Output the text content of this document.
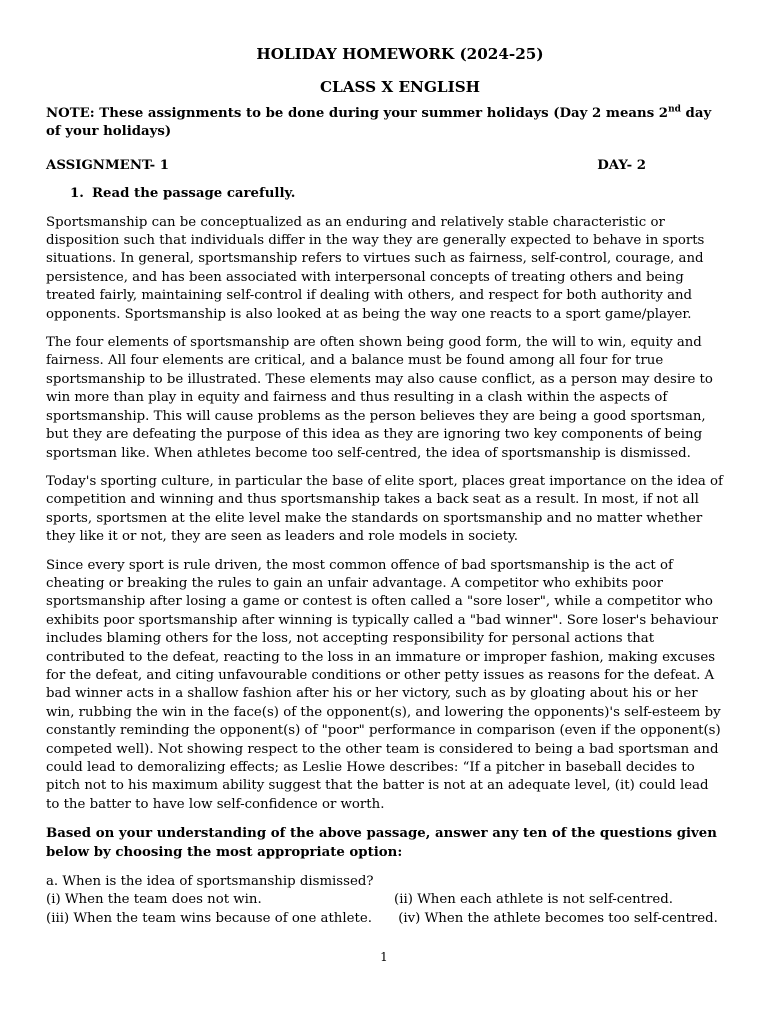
HOLIDAY HOMEWORK (2024-25)
CLASS X ENGLISH
NOTE: These assignments to be done during your summer holidays (Day 2 means 2nd day of your holidays)
ASSIGNMENT- 1	DAY- 2
1. Read the passage carefully.

Sportsmanship can be conceptualized as an enduring and relatively stable characteristic or disposition such that individuals differ in the way they are generally expected to behave in sports situations. In general, sportsmanship refers to virtues such as fairness, self-control, courage, and persistence, and has been associated with interpersonal concepts of treating others and being treated fairly, maintaining self-control if dealing with others, and respect for both authority and opponents. Sportsmanship is also looked at as being the way one reacts to a sport game/player.

The four elements of sportsmanship are often shown being good form, the will to win, equity and fairness. All four elements are critical, and a balance must be found among all four for true sportsmanship to be illustrated. These elements may also cause conflict, as a person may desire to win more than play in equity and fairness and thus resulting in a clash within the aspects of sportsmanship. This will cause problems as the person believes they are being a good sportsman, but they are defeating the purpose of this idea as they are ignoring two key components of being sportsman like. When athletes become too self-centred, the idea of sportsmanship is dismissed.

Today's sporting culture, in particular the base of elite sport, places great importance on the idea of competition and winning and thus sportsmanship takes a back seat as a result. In most, if not all sports, sportsmen at the elite level make the standards on sportsmanship and no matter whether they like it or not, they are seen as leaders and role models in society.

Since every sport is rule driven, the most common offence of bad sportsmanship is the act of cheating or breaking the rules to gain an unfair advantage. A competitor who exhibits poor sportsmanship after losing a game or contest is often called a "sore loser", while a competitor who exhibits poor sportsmanship after winning is typically called a "bad winner". Sore loser's behaviour includes blaming others for the loss, not accepting responsibility for personal actions that contributed to the defeat, reacting to the loss in an immature or improper fashion, making excuses for the defeat, and citing unfavourable conditions or other petty issues as reasons for the defeat. A bad winner acts in a shallow fashion after his or her victory, such as by gloating about his or her win, rubbing the win in the face(s) of the opponent(s), and lowering the opponents)'s self-esteem by constantly reminding the opponent(s) of "poor" performance in comparison (even if the opponent(s) competed well). Not showing respect to the other team is considered to being a bad sportsman and could lead to demoralizing effects; as Leslie Howe describes: “If a pitcher in baseball decides to pitch not to his maximum ability suggest that the batter is not at an adequate level, (it) could lead to the batter to have low self-confidence or worth.

Based on your understanding of the above passage, answer any ten of the questions given below by choosing the most appropriate option:
a. When is the idea of sportsmanship dismissed?
(i) When the team does not win.	(ii) When each athlete is not self-centred.
(iii) When the team wins because of one athlete.	(iv) When the athlete becomes too self-centred.
1
